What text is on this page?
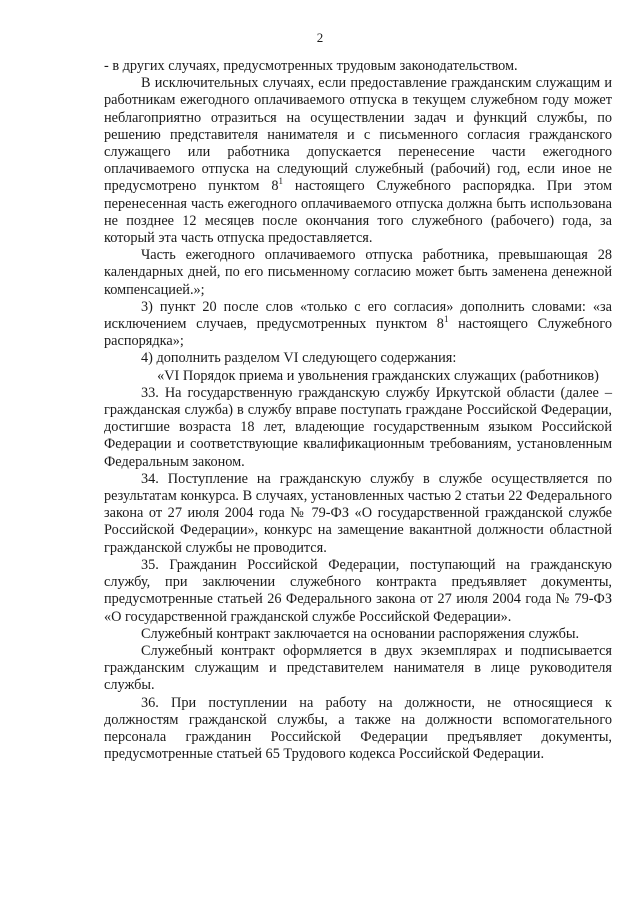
2

- в других случаях, предусмотренных трудовым законодательством.

В исключительных случаях, если предоставление гражданским служащим и работникам ежегодного оплачиваемого отпуска в текущем служебном году может неблагоприятно отразиться на осуществлении задач и функций службы, по решению представителя нанимателя и с письменного согласия гражданского служащего или работника допускается перенесение части ежегодного оплачиваемого отпуска на следующий служебный (рабочий) год, если иное не предусмотрено пунктом $8^1$ настоящего Служебного распорядка. При этом перенесенная часть ежегодного оплачиваемого отпуска должна быть использована не позднее 12 месяцев после окончания того служебного (рабочего) года, за который эта часть отпуска предоставляется.

Часть ежегодного оплачиваемого отпуска работника, превышающая 28 календарных дней, по его письменному согласию может быть заменена денежной компенсацией.»;

3) пункт 20 после слов «только с его согласия» дополнить словами: «за исключением случаев, предусмотренных пунктом $8^1$ настоящего Служебного распорядка»;

4) дополнить разделом VI следующего содержания:

«VI Порядок приема и увольнения гражданских служащих (работников)

33. На государственную гражданскую службу Иркутской области (далее – гражданская служба) в службу вправе поступать граждане Российской Федерации, достигшие возраста 18 лет, владеющие государственным языком Российской Федерации и соответствующие квалификационным требованиям, установленным Федеральным законом.

34. Поступление на гражданскую службу в службе осуществляется по результатам конкурса. В случаях, установленных частью 2 статьи 22 Федерального закона от 27 июля 2004 года № 79-ФЗ «О государственной гражданской службе Российской Федерации», конкурс на замещение вакантной должности областной гражданской службы не проводится.

35. Гражданин Российской Федерации, поступающий на гражданскую службу, при заключении служебного контракта предъявляет документы, предусмотренные статьей 26 Федерального закона от 27 июля 2004 года № 79-ФЗ «О государственной гражданской службе Российской Федерации».

Служебный контракт заключается на основании распоряжения службы.

Служебный контракт оформляется в двух экземплярах и подписывается гражданским служащим и представителем нанимателя в лице руководителя службы.

36. При поступлении на работу на должности, не относящиеся к должностям гражданской службы, а также на должности вспомогательного персонала гражданин Российской Федерации предъявляет документы, предусмотренные статьей 65 Трудового кодекса Российской Федерации.
